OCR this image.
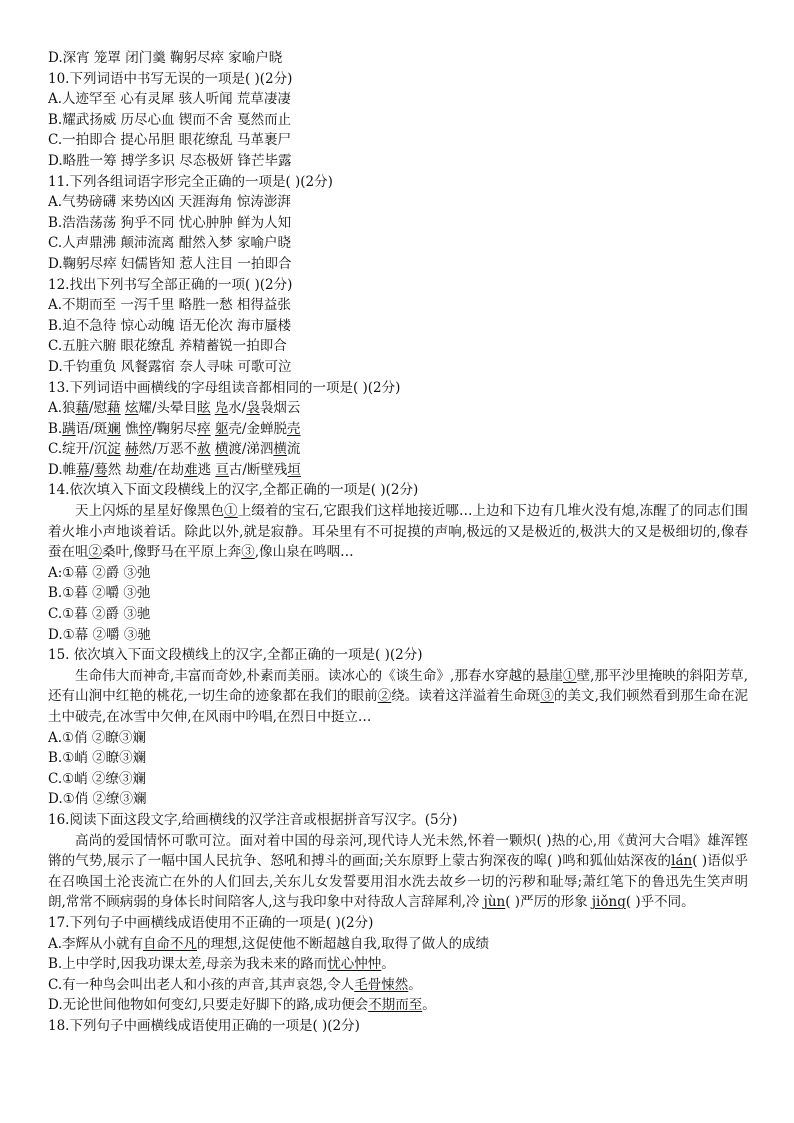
D.深宵 笼罩 闭门羹 鞠躬尽瘁 家喻户晓
10.下列词语中书写无误的一项是( )(2分)
A.人迹罕至 心有灵犀 骇人听闻 荒草凄凄
B.耀武扬威 历尽心血 锲而不舍 戛然而止
C.一拍即合 提心吊胆 眼花缭乱 马革裹尸
D.略胜一筹 搏学多识 尽态极妍 锋芒毕露
11.下列各组词语字形完全正确的一项是( )(2分)
A.气势磅礴 来势凶凶 天涯海角 惊涛澎湃
B.浩浩荡荡 狗乎不同 忧心肿肿 鲜为人知
C.人声鼎沸 颠沛流离 酣然入梦 家喻户晓
D.鞠躬尽瘁 妇儒皆知 惹人注目 一拍即合
12.找出下列书写全部正确的一项( )(2分)
A.不期而至 一泻千里 略胜一愁 相得益张
B.迫不急待 惊心动魄 语无伦次 海市蜃楼
C.五脏六腑 眼花缭乱 养精蓄锐一拍即合
D.千钧重负 风餐露宿 奈人寻味 可歌可泣
13.下列词语中画横线的字母组读音都相同的一项是( )(2分)
A.狼藉/慰藉 炫耀/头晕目眩 凫水/袅袅烟云
B.蹒语/斑斓 憔悴/鞠躬尽瘁 躯壳/金蝉脱壳
C.绽开/沉淀 赫然/万恶不赦 横渡/涕泗横流
D.帷幕/蓦然 劫难/在劫难逃 亘古/断壁残垣
14.依次填入下面文段横线上的汉字,全都正确的一项是( )(2分)
天上闪烁的星星好像黑色①上缀着的宝石,它跟我们这样地接近哪…上边和下边有几堆火没有熄,冻醒了的同志们围着火堆小声地谈着话。除此以外,就是寂静。耳朵里有不可捉摸的声响,极远的又是极近的,极洪大的又是极细切的,像春蚕在咀②桑叶,像野马在平原上奔③,像山泉在鸣咽…
A:①幕 ②爵 ③弛
B.①暮 ②嚼 ③弛
C.①暮 ②爵 ③驰
D.①幕 ②嚼 ③驰
15. 依次填入下面文段横线上的汉字,全都正确的一项是( )(2分)
生命伟大而神奇,丰富而奇妙,朴素而美丽。读冰心的《谈生命》,那春水穿越的悬崖①壁,那平沙里掩映的斜阳芳草,还有山涧中红艳的桃花,一切生命的迹象都在我们的眼前②绕。读着这洋溢着生命斑③的美文,我们顿然看到那生命在泥土中破壳,在冰雪中欠伸,在风雨中吟唱,在烈日中挺立…
A.①俏 ②瞭③斓
B.①峭 ②瞭③斓
C.①峭 ②缭③斓
D.①俏 ②缭③斓
16.阅读下面这段文字,给画横线的汉学注音或根据拼音写汉字。(5分)
高尚的爱国情怀可歌可泣。面对着中国的母亲河,现代诗人光未然,怀着一颗炽( )热的心,用《黄河大合唱》雄浑铿锵的气势,展示了一幅中国人民抗争、怒吼和搏斗的画面;关东原野上蒙古狗深夜的嗥( )鸣和狐仙姑深夜的lán( )语似乎在召唤国土沦丧流亡在外的人们回去,关东儿女发誓要用泪水洗去故乡一切的污秽和耻辱;萧红笔下的鲁迅先生笑声明朗,常常不顾病弱的身体长时间陪客人,这与我印象中对待敌人言辞犀利,冷 jùn( )严厉的形象 jiǒng( )乎不同。
17.下列句子中画横线成语使用不正确的一项是( )(2分)
A.李辉从小就有自命不凡的理想,这促使他不断超越自我,取得了做人的成绩
B.上中学时,因我功课太差,母亲为我未来的路而忧心忡忡。
C.有一种鸟会叫出老人和小孩的声音,其声哀怨,令人毛骨悚然。
D.无论世间他物如何变幻,只要走好脚下的路,成功便会不期而至。
18.下列句子中画横线成语使用正确的一项是( )(2分)
